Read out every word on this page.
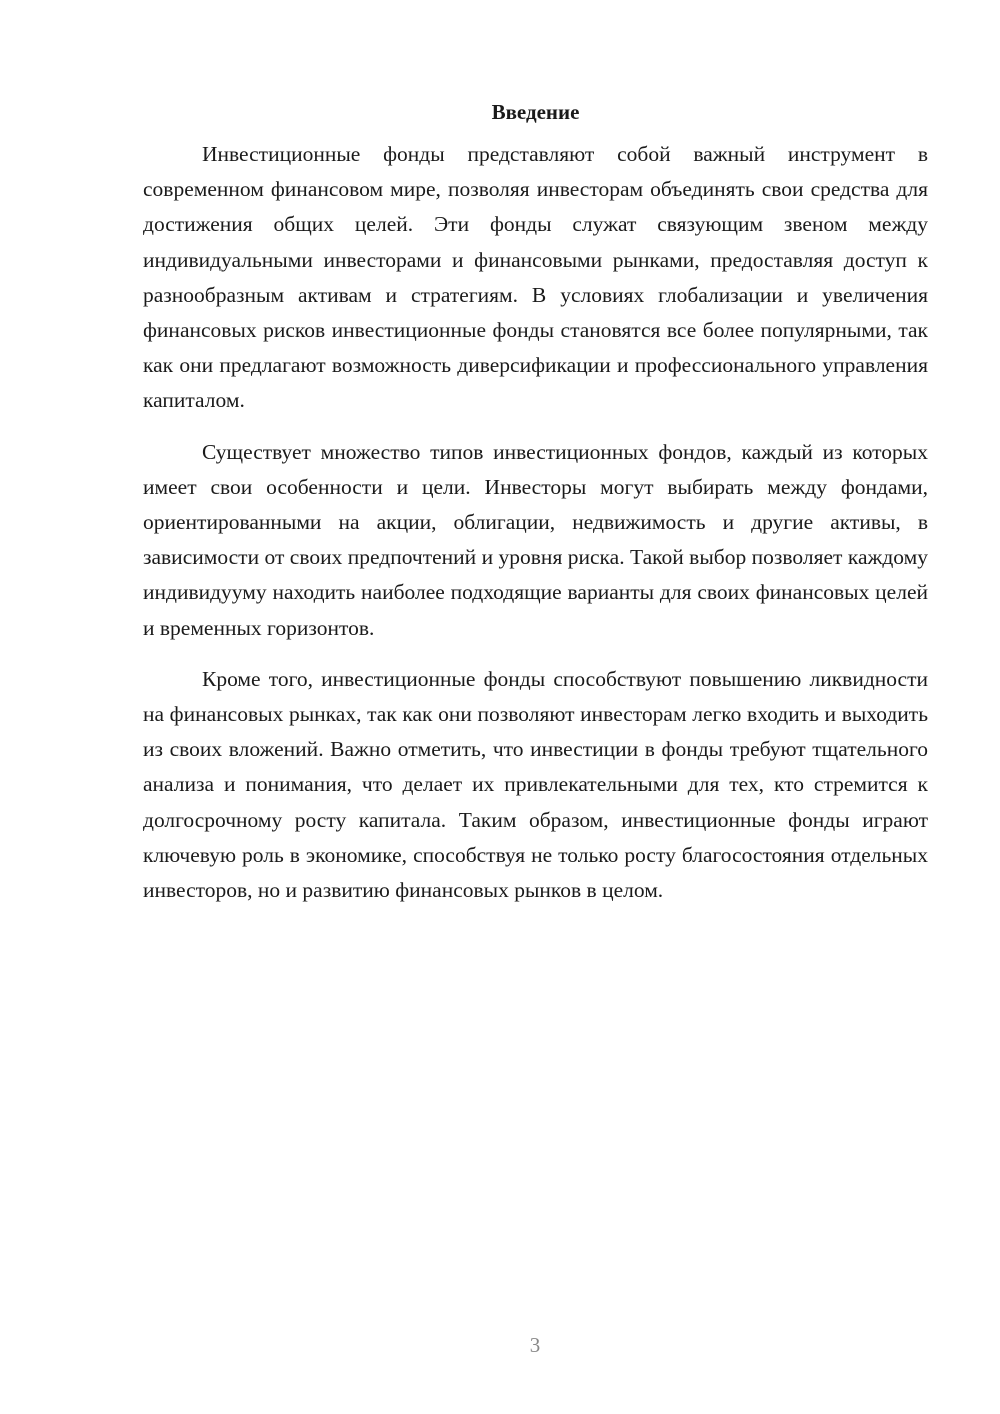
Введение

Инвестиционные фонды представляют собой важный инструмент в современном финансовом мире, позволяя инвесторам объединять свои средства для достижения общих целей. Эти фонды служат связующим звеном между индивидуальными инвесторами и финансовыми рынками, предоставляя доступ к разнообразным активам и стратегиям. В условиях глобализации и увеличения финансовых рисков инвестиционные фонды становятся все более популярными, так как они предлагают возможность диверсификации и профессионального управления капиталом.

Существует множество типов инвестиционных фондов, каждый из которых имеет свои особенности и цели. Инвесторы могут выбирать между фондами, ориентированными на акции, облигации, недвижимость и другие активы, в зависимости от своих предпочтений и уровня риска. Такой выбор позволяет каждому индивидууму находить наиболее подходящие варианты для своих финансовых целей и временных горизонтов.

Кроме того, инвестиционные фонды способствуют повышению ликвидности на финансовых рынках, так как они позволяют инвесторам легко входить и выходить из своих вложений. Важно отметить, что инвестиции в фонды требуют тщательного анализа и понимания, что делает их привлекательными для тех, кто стремится к долгосрочному росту капитала. Таким образом, инвестиционные фонды играют ключевую роль в экономике, способствуя не только росту благосостояния отдельных инвесторов, но и развитию финансовых рынков в целом.

3
